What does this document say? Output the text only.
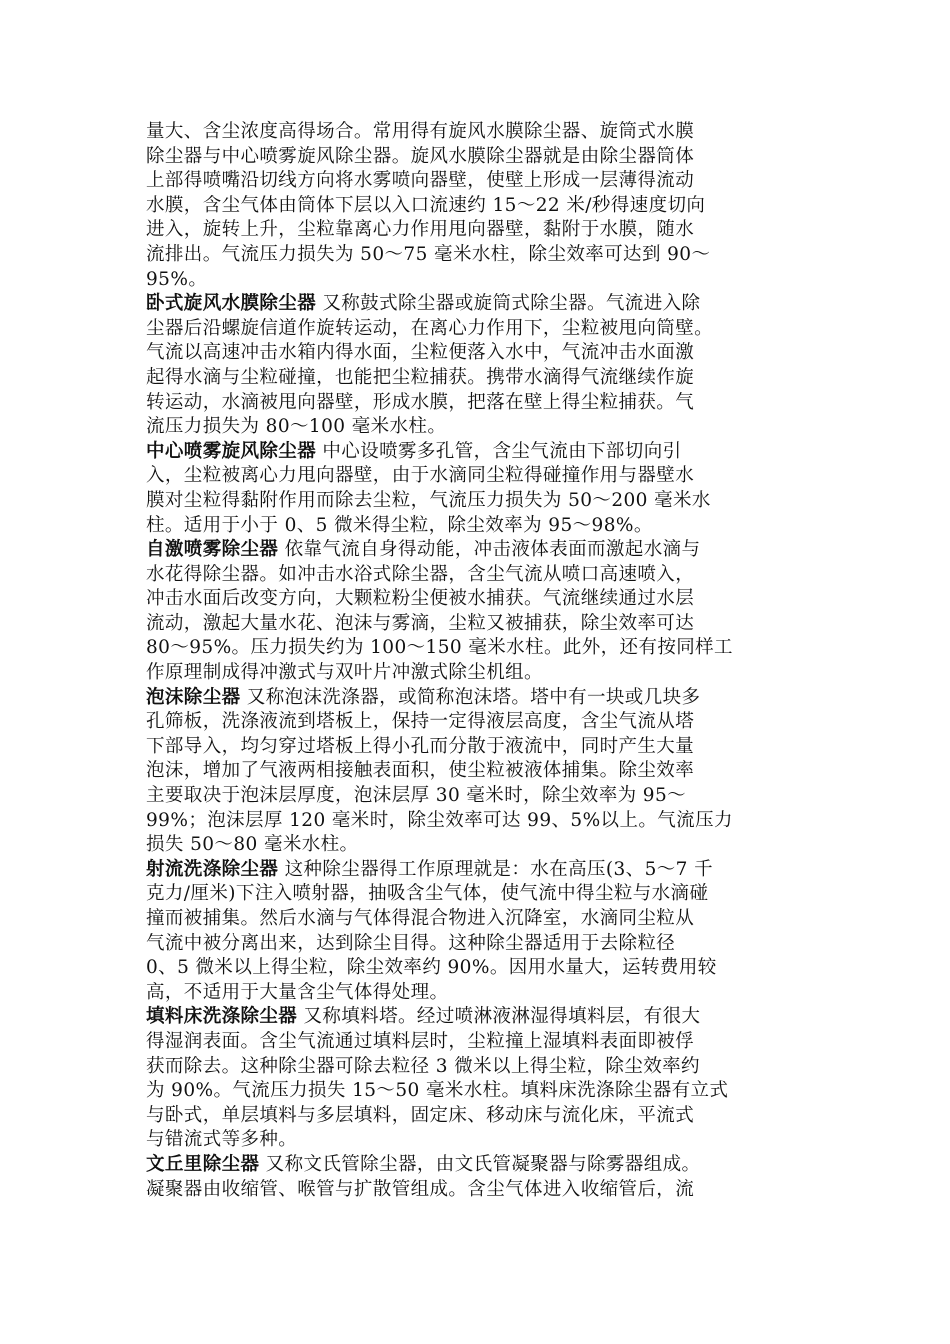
量大、含尘浓度高得场合。常用得有旋风水膜除尘器、旋筒式水膜
除尘器与中心喷雾旋风除尘器。旋风水膜除尘器就是由除尘器筒体
上部得喷嘴沿切线方向将水雾喷向器壁，使壁上形成一层薄得流动
水膜，含尘气体由筒体下层以入口流速约 15～22 米/秒得速度切向
进入，旋转上升，尘粒靠离心力作用甩向器壁，黏附于水膜，随水
流排出。气流压力损失为 50～75 毫米水柱，除尘效率可达到 90～
95%。
卧式旋风水膜除尘器 又称鼓式除尘器或旋筒式除尘器。气流进入除
尘器后沿螺旋信道作旋转运动，在离心力作用下，尘粒被甩向筒壁。
气流以高速冲击水箱内得水面，尘粒便落入水中，气流冲击水面激
起得水滴与尘粒碰撞，也能把尘粒捕获。携带水滴得气流继续作旋
转运动，水滴被甩向器壁，形成水膜，把落在壁上得尘粒捕获。气
流压力损失为 80～100 毫米水柱。
中心喷雾旋风除尘器 中心设喷雾多孔管，含尘气流由下部切向引
入，尘粒被离心力甩向器壁，由于水滴同尘粒得碰撞作用与器壁水
膜对尘粒得黏附作用而除去尘粒，气流压力损失为 50～200 毫米水
柱。适用于小于 0、5 微米得尘粒，除尘效率为 95～98%。
自激喷雾除尘器 依靠气流自身得动能，冲击液体表面而激起水滴与
水花得除尘器。如冲击水浴式除尘器，含尘气流从喷口高速喷入，
冲击水面后改变方向，大颗粒粉尘便被水捕获。气流继续通过水层
流动，激起大量水花、泡沫与雾滴，尘粒又被捕获，除尘效率可达
80～95%。压力损失约为 100～150 毫米水柱。此外，还有按同样工
作原理制成得冲激式与双叶片冲激式除尘机组。
泡沫除尘器 又称泡沫洗涤器，或简称泡沫塔。塔中有一块或几块多
孔筛板，洗涤液流到塔板上，保持一定得液层高度，含尘气流从塔
下部导入，均匀穿过塔板上得小孔而分散于液流中，同时产生大量
泡沫，增加了气液两相接触表面积，使尘粒被液体捕集。除尘效率
主要取决于泡沫层厚度，泡沫层厚 30 毫米时，除尘效率为 95～
99%；泡沫层厚 120 毫米时，除尘效率可达 99、5%以上。气流压力
损失 50～80 毫米水柱。
射流洗涤除尘器 这种除尘器得工作原理就是：水在高压(3、5～7 千
克力/厘米)下注入喷射器，抽吸含尘气体，使气流中得尘粒与水滴碰
撞而被捕集。然后水滴与气体得混合物进入沉降室，水滴同尘粒从
气流中被分离出来，达到除尘目得。这种除尘器适用于去除粒径
0、5 微米以上得尘粒，除尘效率约 90%。因用水量大，运转费用较
高，不适用于大量含尘气体得处理。
填料床洗涤除尘器 又称填料塔。经过喷淋液淋湿得填料层，有很大
得湿润表面。含尘气流通过填料层时，尘粒撞上湿填料表面即被俘
获而除去。这种除尘器可除去粒径 3 微米以上得尘粒，除尘效率约
为 90%。气流压力损失 15～50 毫米水柱。填料床洗涤除尘器有立式
与卧式，单层填料与多层填料，固定床、移动床与流化床，平流式
与错流式等多种。
文丘里除尘器 又称文氏管除尘器，由文氏管凝聚器与除雾器组成。
凝聚器由收缩管、喉管与扩散管组成。含尘气体进入收缩管后，流
